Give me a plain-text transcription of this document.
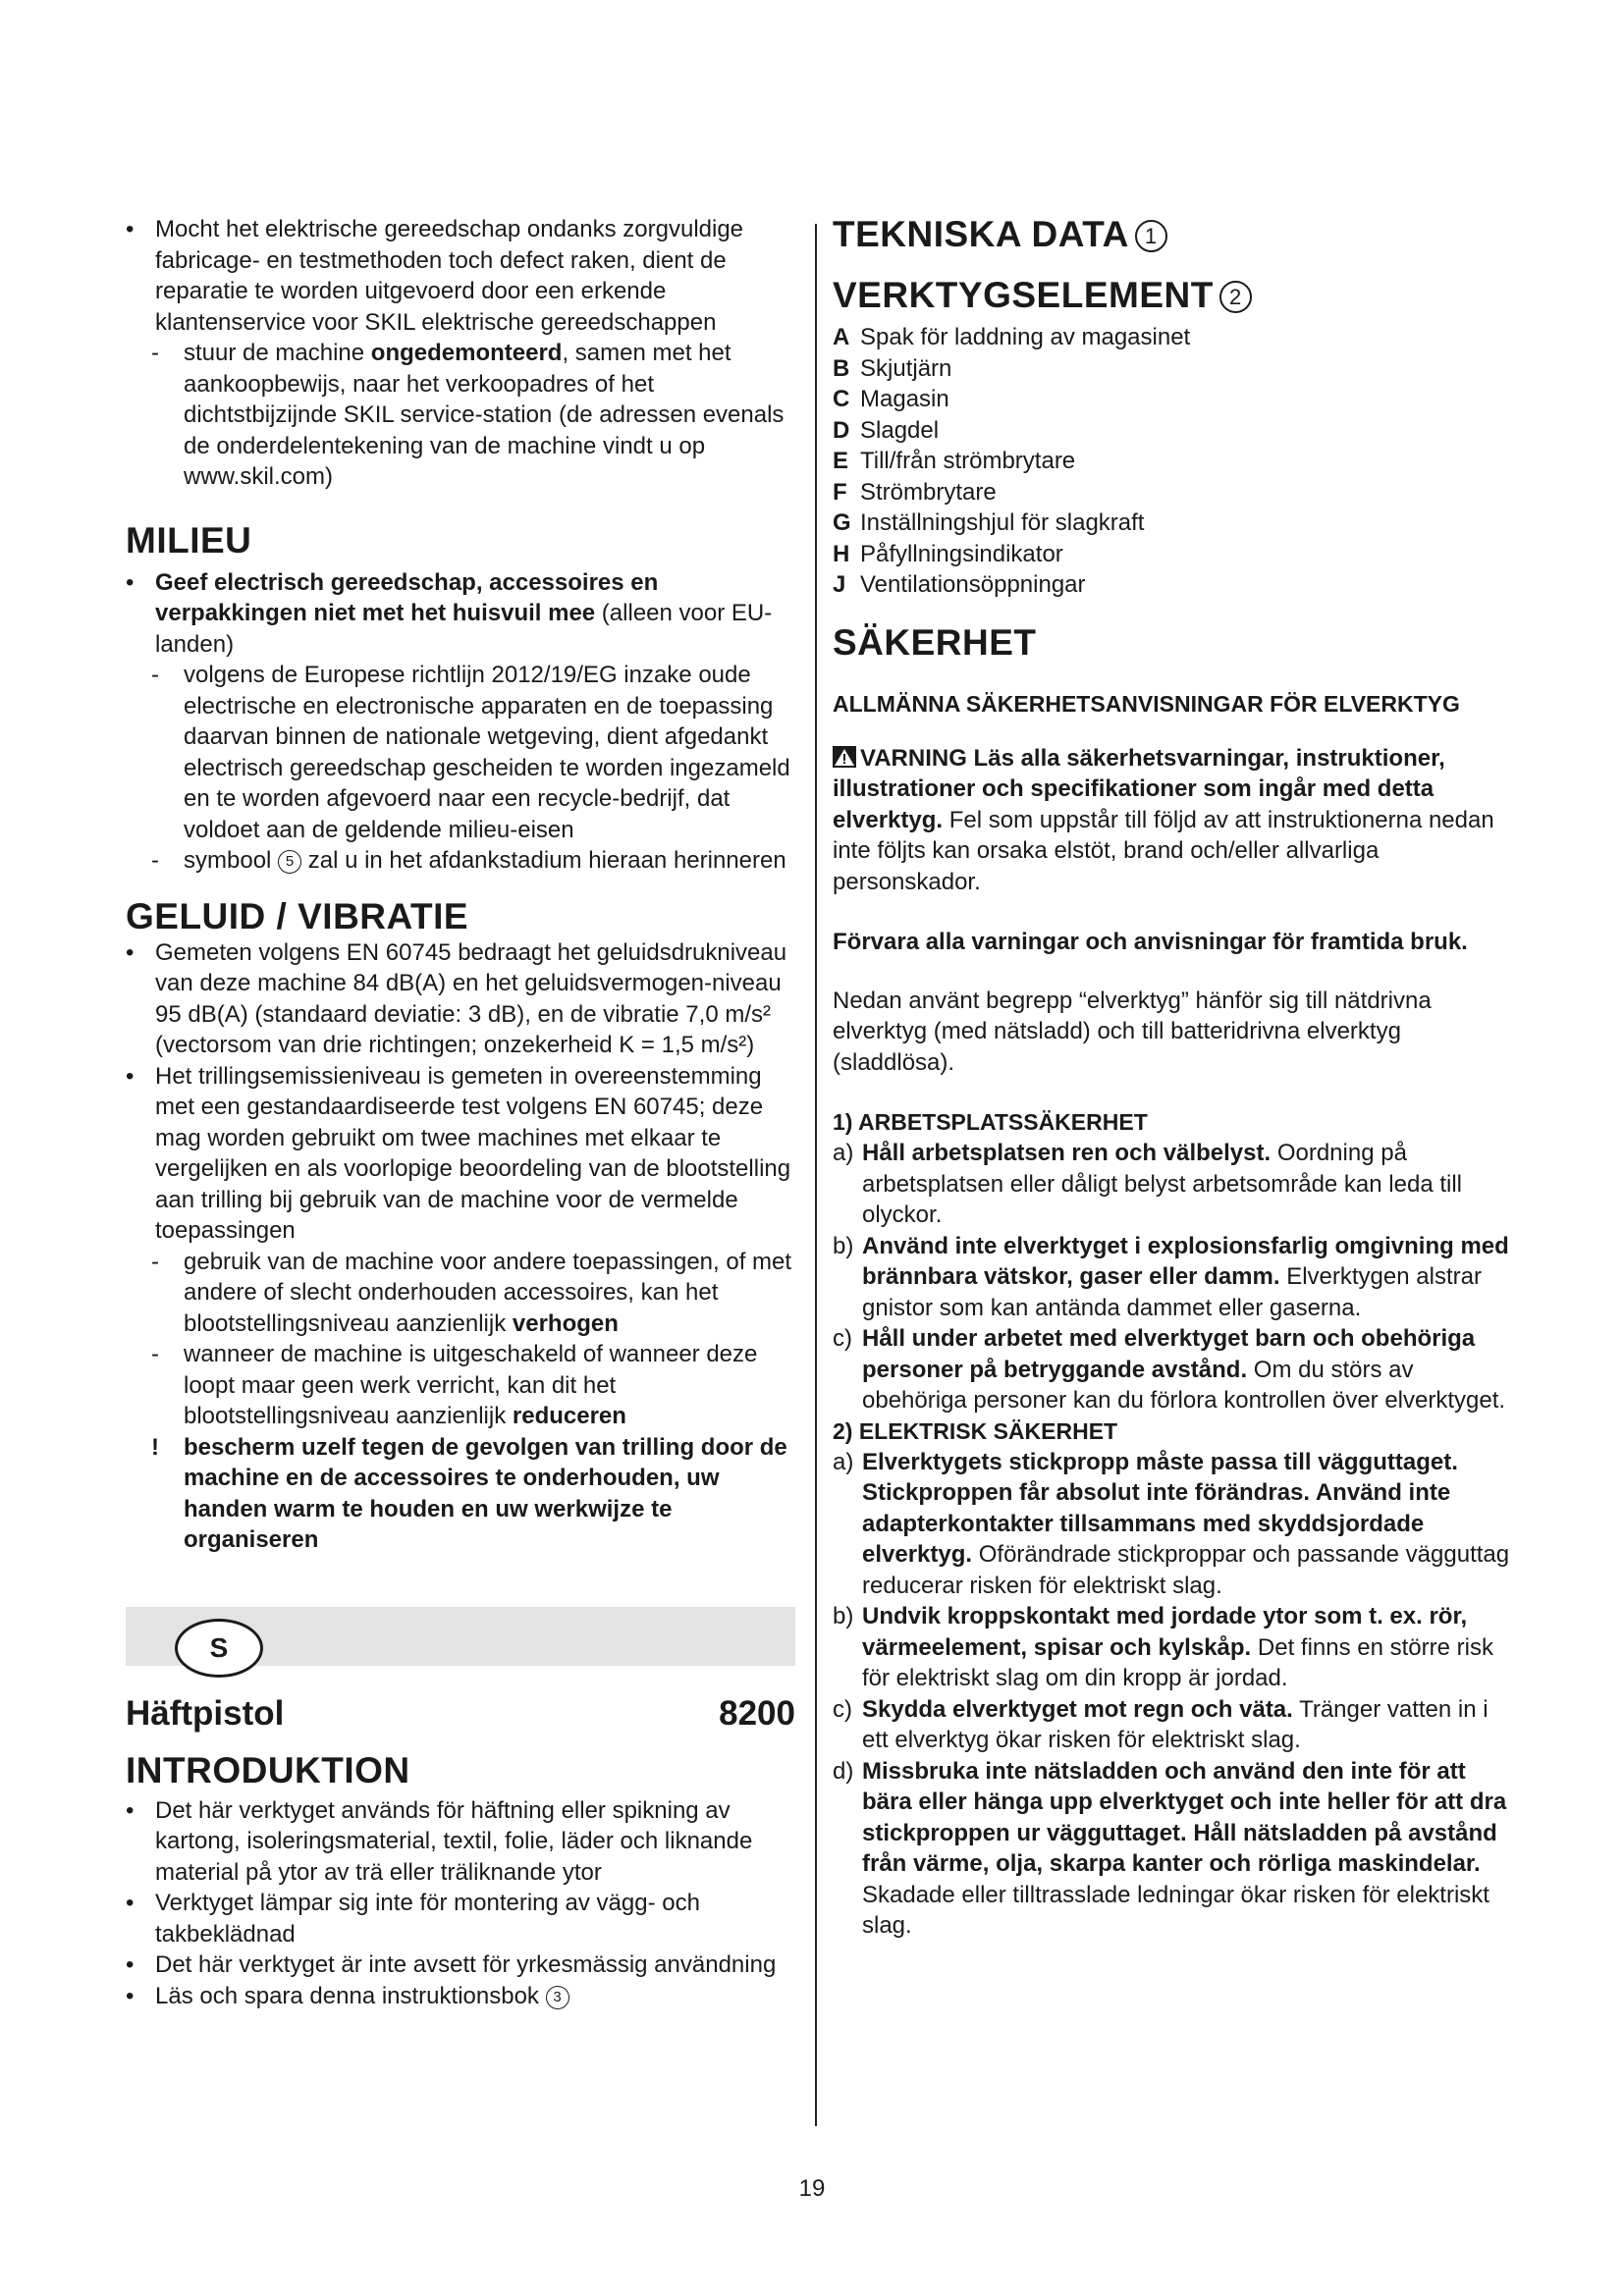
• Mocht het elektrische gereedschap ondanks zorgvuldige fabricage- en testmethoden toch defect raken, dient de reparatie te worden uitgevoerd door een erkende klantenservice voor SKIL elektrische gereedschappen
- stuur de machine ongedemonteerd, samen met het aankoopbewijs, naar het verkoopadres of het dichtstbijzijnde SKIL service-station (de adressen evenals de onderdelentekening van de machine vindt u op www.skil.com)
MILIEU
• Geef electrisch gereedschap, accessoires en verpakkingen niet met het huisvuil mee (alleen voor EU-landen)
- volgens de Europese richtlijn 2012/19/EG inzake oude electrische en electronische apparaten en de toepassing daarvan binnen de nationale wetgeving, dient afgedankt electrisch gereedschap gescheiden te worden ingezameld en te worden afgevoerd naar een recycle-bedrijf, dat voldoet aan de geldende milieu-eisen
- symbool 5 zal u in het afdankstadium hieraan herinneren
GELUID / VIBRATIE
• Gemeten volgens EN 60745 bedraagt het geluidsdrukniveau van deze machine 84 dB(A) en het geluidsvermogen-niveau 95 dB(A) (standaard deviatie: 3 dB), en de vibratie 7,0 m/s² (vectorsom van drie richtingen; onzekerheid K = 1,5 m/s²)
• Het trillingsemissieniveau is gemeten in overeenstemming met een gestandaardiseerde test volgens EN 60745; deze mag worden gebruikt om twee machines met elkaar te vergelijken en als voorlopige beoordeling van de blootstelling aan trilling bij gebruik van de machine voor de vermelde toepassingen
- gebruik van de machine voor andere toepassingen, of met andere of slecht onderhouden accessoires, kan het blootstellingsniveau aanzienlijk verhogen
- wanneer de machine is uitgeschakeld of wanneer deze loopt maar geen werk verricht, kan dit het blootstellingsniveau aanzienlijk reduceren
! bescherm uzelf tegen de gevolgen van trilling door de machine en de accessoires te onderhouden, uw handen warm te houden en uw werkwijze te organiseren
S
Häftpistol	8200
INTRODUKTION
• Det här verktyget används för häftning eller spikning av kartong, isoleringsmaterial, textil, folie, läder och liknande material på ytor av trä eller träliknande ytor
• Verktyget lämpar sig inte för montering av vägg- och takbeklädnad
• Det här verktyget är inte avsett för yrkesmässig användning
• Läs och spara denna instruktionsbok 3
TEKNISKA DATA 1
VERKTYGSELEMENT 2
A Spak för laddning av magasinet
B Skjutjärn
C Magasin
D Slagdel
E Till/från strömbrytare
F Strömbrytare
G Inställningshjul för slagkraft
H Påfyllningsindikator
J Ventilationsöppningar
SÄKERHET
ALLMÄNNA SÄKERHETSANVISNINGAR FÖR ELVERKTYG
VARNING Läs alla säkerhetsvarningar, instruktioner, illustrationer och specifikationer som ingår med detta elverktyg. Fel som uppstår till följd av att instruktionerna nedan inte följts kan orsaka elstöt, brand och/eller allvarliga personskador.
Förvara alla varningar och anvisningar för framtida bruk.
Nedan använt begrepp “elverktyg” hänför sig till nätdrivna elverktyg (med nätsladd) och till batteridrivna elverktyg (sladdlösa).
1) ARBETSPLATSSÄKERHET
a) Håll arbetsplatsen ren och välbelyst. Oordning på arbetsplatsen eller dåligt belyst arbetsområde kan leda till olyckor.
b) Använd inte elverktyget i explosionsfarlig omgivning med brännbara vätskor, gaser eller damm. Elverktygen alstrar gnistor som kan antända dammet eller gaserna.
c) Håll under arbetet med elverktyget barn och obehöriga personer på betryggande avstånd. Om du störs av obehöriga personer kan du förlora kontrollen över elverktyget.
2) ELEKTRISK SÄKERHET
a) Elverktygets stickpropp måste passa till vägguttaget. Stickproppen får absolut inte förändras. Använd inte adapterkontakter tillsammans med skyddsjordade elverktyg. Oförändrade stickproppar och passande vägguttag reducerar risken för elektriskt slag.
b) Undvik kroppskontakt med jordade ytor som t. ex. rör, värmeelement, spisar och kylskåp. Det finns en större risk för elektriskt slag om din kropp är jordad.
c) Skydda elverktyget mot regn och väta. Tränger vatten in i ett elverktyg ökar risken för elektriskt slag.
d) Missbruka inte nätsladden och använd den inte för att bära eller hänga upp elverktyget och inte heller för att dra stickproppen ur vägguttaget. Håll nätsladden på avstånd från värme, olja, skarpa kanter och rörliga maskindelar. Skadade eller tilltrasslade ledningar ökar risken för elektriskt slag.
19
